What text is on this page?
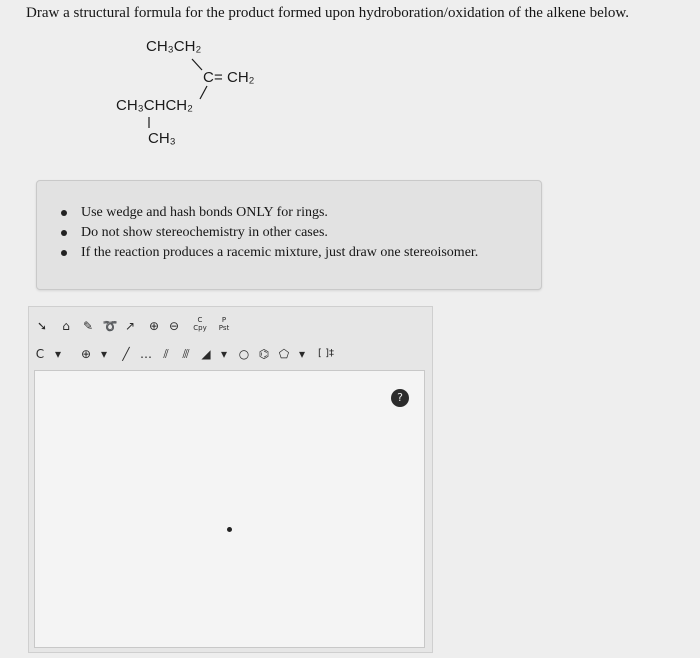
Draw a structural formula for the product formed upon hydroboration/oxidation of the alkene below.
CH₃CH₂
C = CH₂
CH₃CHCH₂
CH₃
Use wedge and hash bonds ONLY for rings.
Do not show stereochemistry in other cases.
If the reaction produces a racemic mixture, just draw one stereoisomer.
➘	⌂	✎ ➰ ↗	⊕ ⊖	C
Cpy
P
Pst
C ▾	⊕ ▾	╱ … ⫽	⫻ ◢ ▾ ○ ⌬ ⬠ ▾	[ ]‡
?
